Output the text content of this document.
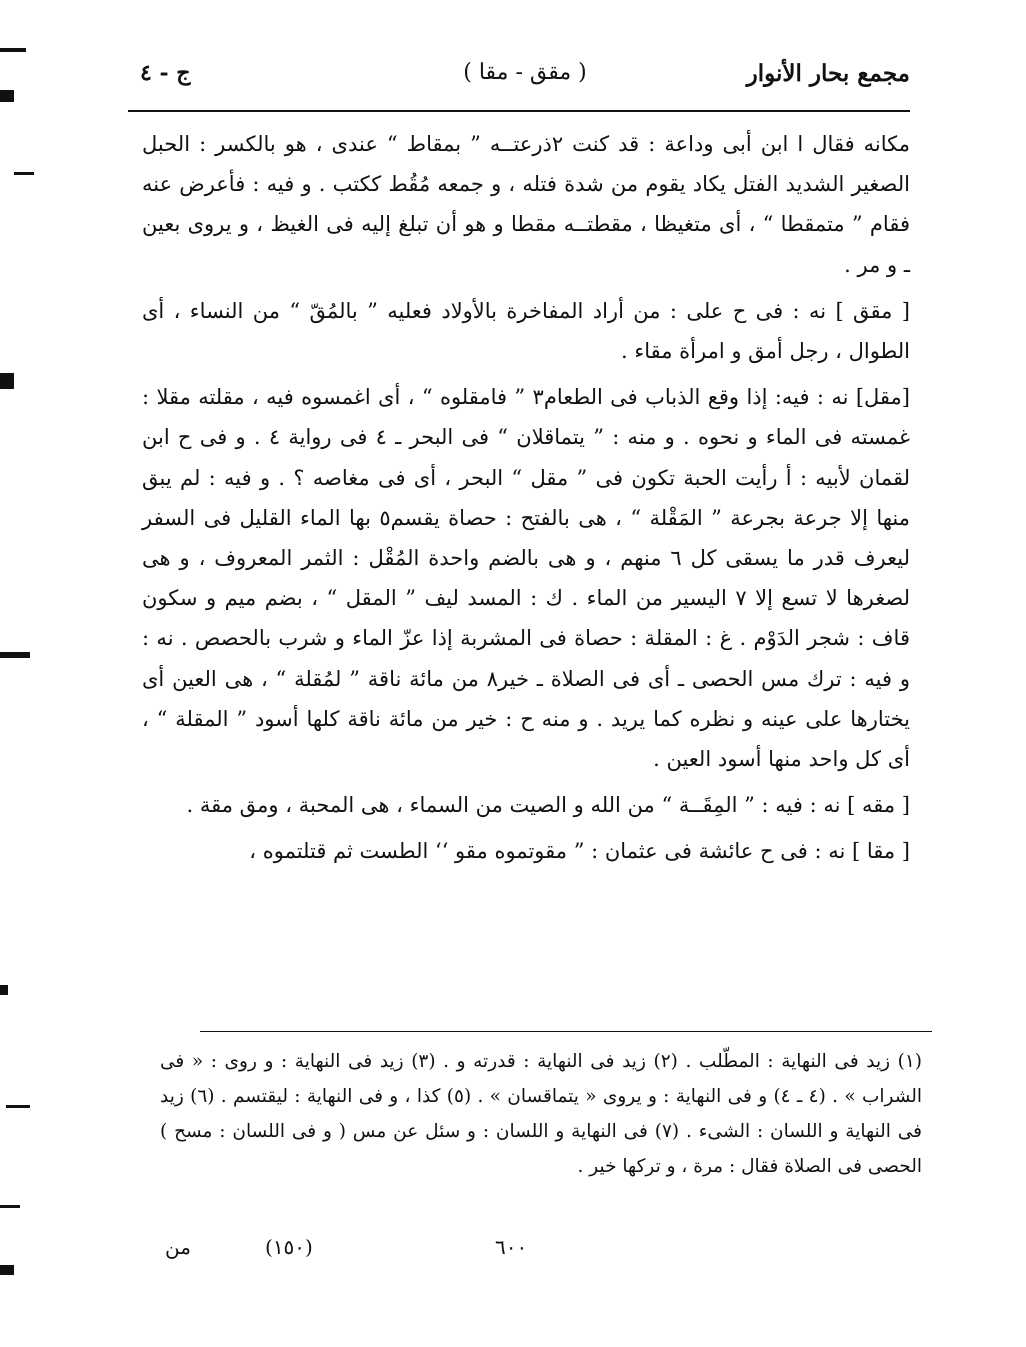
مجمع بحار الأنوار
( مقق - مقا )
ج - ٤

مكانه فقال ا ابن أبى وداعة : قد كنت ٢ذرعتــه ” بمقاط “ عندى ، هو بالكسر : الحبل الصغير الشديد الفتل يكاد يقوم من شدة فتله ، و جمعه مُقُط ككتب . و فيه : فأعرض عنه فقام ” متمقطا “ ، أى متغيظا ، مقطتــه مقطا و هو أن تبلغ إليه فى الغيظ ، و يروى بعين ـ و مر .

[ مقق ] نه : فى ح على : من أراد المفاخرة بالأولاد فعليه ” بالمُقّ “ من النساء ، أى الطوال ، رجل أمق و امرأة مقاء .

[مقل] نه : فيه: إذا وقع الذباب فى الطعام٣ ” فامقلوه “ ، أى اغمسوه فيه ، مقلته مقلا : غمسته فى الماء و نحوه . و منه : ” يتماقلان “ فى البحر ـ ٤ فى رواية ٤ . و فى ح ابن لقمان لأبيه : أ رأيت الحبة تكون فى ” مقل “ البحر ، أى فى مغاصه ؟ . و فيه : لم يبق منها إلا جرعة بجرعة ” المَقْلة “ ، هى بالفتح : حصاة يقسم٥ بها الماء القليل فى السفر ليعرف قدر ما يسقى كل ٦ منهم ، و هى بالضم واحدة المُقْل : الثمر المعروف ، و هى لصغرها لا تسع إلا ٧ اليسير من الماء . ك : المسد ليف ” المقل “ ، بضم ميم و سكون قاف : شجر الدَوْم . غ : المقلة : حصاة فى المشربة إذا عزّ الماء و شرب بالحصص . نه : و فيه : ترك مس الحصى ـ أى فى الصلاة ـ خير٨ من مائة ناقة ” لمُقلة “ ، هى العين أى يختارها على عينه و نظره كما يريد . و منه ح : خير من مائة ناقة كلها أسود ” المقلة “ ، أى كل واحد منها أسود العين .

[ مقه ] نه : فيه : ” المِقَــة “ من الله و الصيت من السماء ، هى المحبة ، ومق مقة .

[ مقا ] نه : فى ح عائشة فى عثمان : ” مقوتموه مقو ‘‘ الطست ثم قتلتموه ،

(١) زيد فى النهاية : المطّلب . (٢) زيد فى النهاية : قدرته و . (٣) زيد فى النهاية : و روى : « فى الشراب » . (٤ ـ ٤) و فى النهاية : و يروى « يتماقسان » . (٥) كذا ، و فى النهاية : ليقتسم . (٦) زيد فى النهاية و اللسان : الشىء . (٧) فى النهاية و اللسان : و سئل عن مس ( و فى اللسان : مسح ) الحصى فى الصلاة فقال : مرة ، و تركها خير .

من	(١٥٠)	٦٠٠
